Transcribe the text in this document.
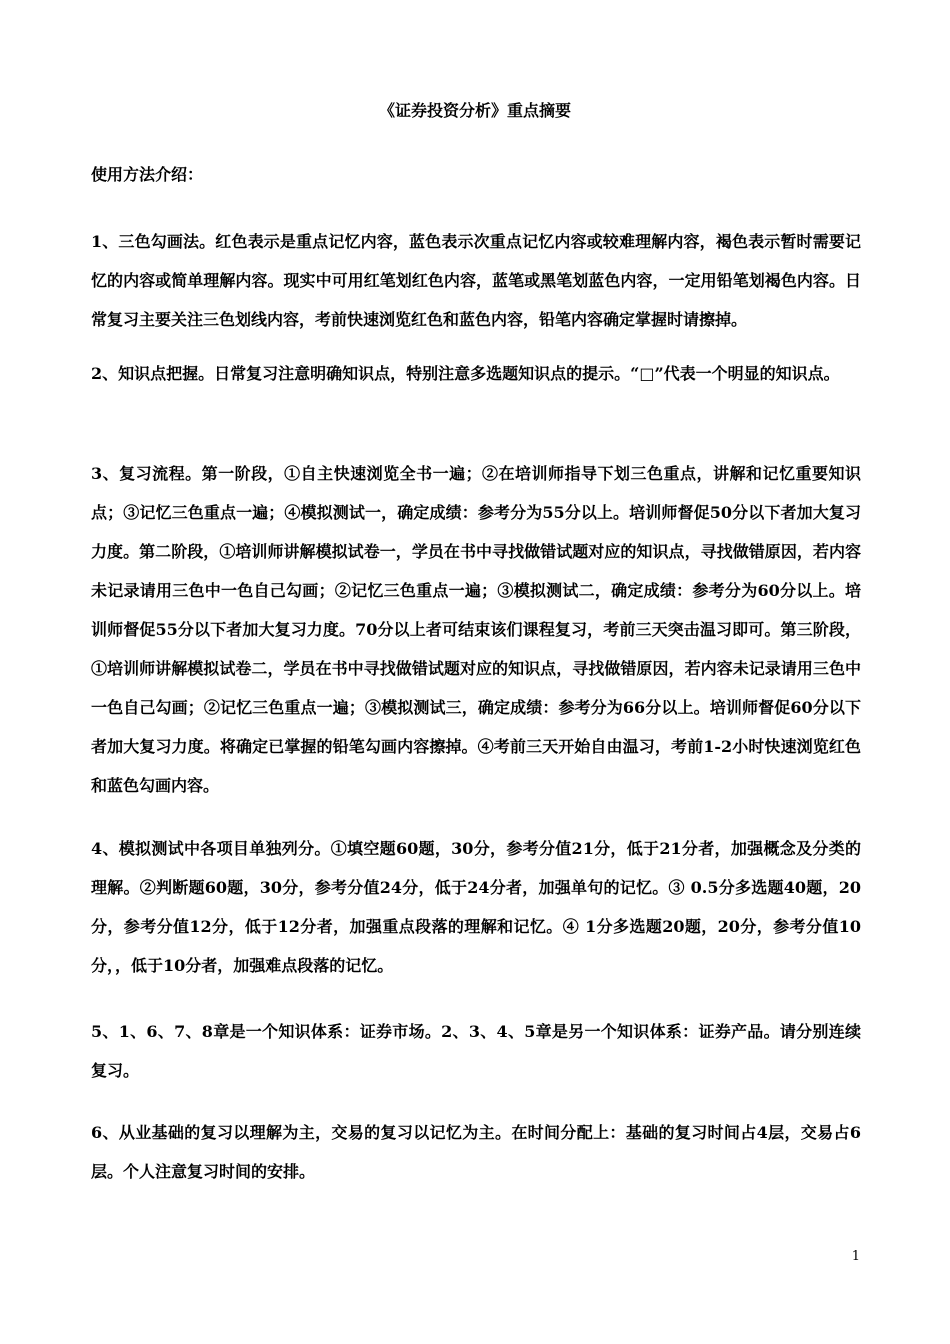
《证券投资分析》重点摘要

使用方法介绍：

1、三色勾画法。红色表示是重点记忆内容，蓝色表示次重点记忆内容或较难理解内容，褐色表示暂时需要记忆的内容或简单理解内容。现实中可用红笔划红色内容，蓝笔或黑笔划蓝色内容，一定用铅笔划褐色内容。日常复习主要关注三色划线内容，考前快速浏览红色和蓝色内容，铅笔内容确定掌握时请擦掉。

2、知识点把握。日常复习注意明确知识点，特别注意多选题知识点的提示。“□”代表一个明显的知识点。

3、复习流程。第一阶段，①自主快速浏览全书一遍；②在培训师指导下划三色重点，讲解和记忆重要知识点；③记忆三色重点一遍；④模拟测试一，确定成绩：参考分为55分以上。培训师督促50分以下者加大复习力度。第二阶段，①培训师讲解模拟试卷一，学员在书中寻找做错试题对应的知识点，寻找做错原因，若内容未记录请用三色中一色自己勾画；②记忆三色重点一遍；③模拟测试二，确定成绩：参考分为60分以上。培训师督促55分以下者加大复习力度。70分以上者可结束该们课程复习，考前三天突击温习即可。第三阶段，①培训师讲解模拟试卷二，学员在书中寻找做错试题对应的知识点，寻找做错原因，若内容未记录请用三色中一色自己勾画；②记忆三色重点一遍；③模拟测试三，确定成绩：参考分为66分以上。培训师督促60分以下者加大复习力度。将确定已掌握的铅笔勾画内容擦掉。④考前三天开始自由温习，考前1-2小时快速浏览红色和蓝色勾画内容。

4、模拟测试中各项目单独列分。①填空题60题，30分，参考分值21分，低于21分者，加强概念及分类的理解。②判断题60题，30分，参考分值24分，低于24分者，加强单句的记忆。③ 0.5分多选题40题，20分，参考分值12分，低于12分者，加强重点段落的理解和记忆。④ 1分多选题20题，20分，参考分值10分，，低于10分者，加强难点段落的记忆。

5、1、6、7、8章是一个知识体系：证券市场。2、3、4、5章是另一个知识体系：证券产品。请分别连续复习。

6、从业基础的复习以理解为主，交易的复习以记忆为主。在时间分配上：基础的复习时间占4层，交易占6层。个人注意复习时间的安排。

1
